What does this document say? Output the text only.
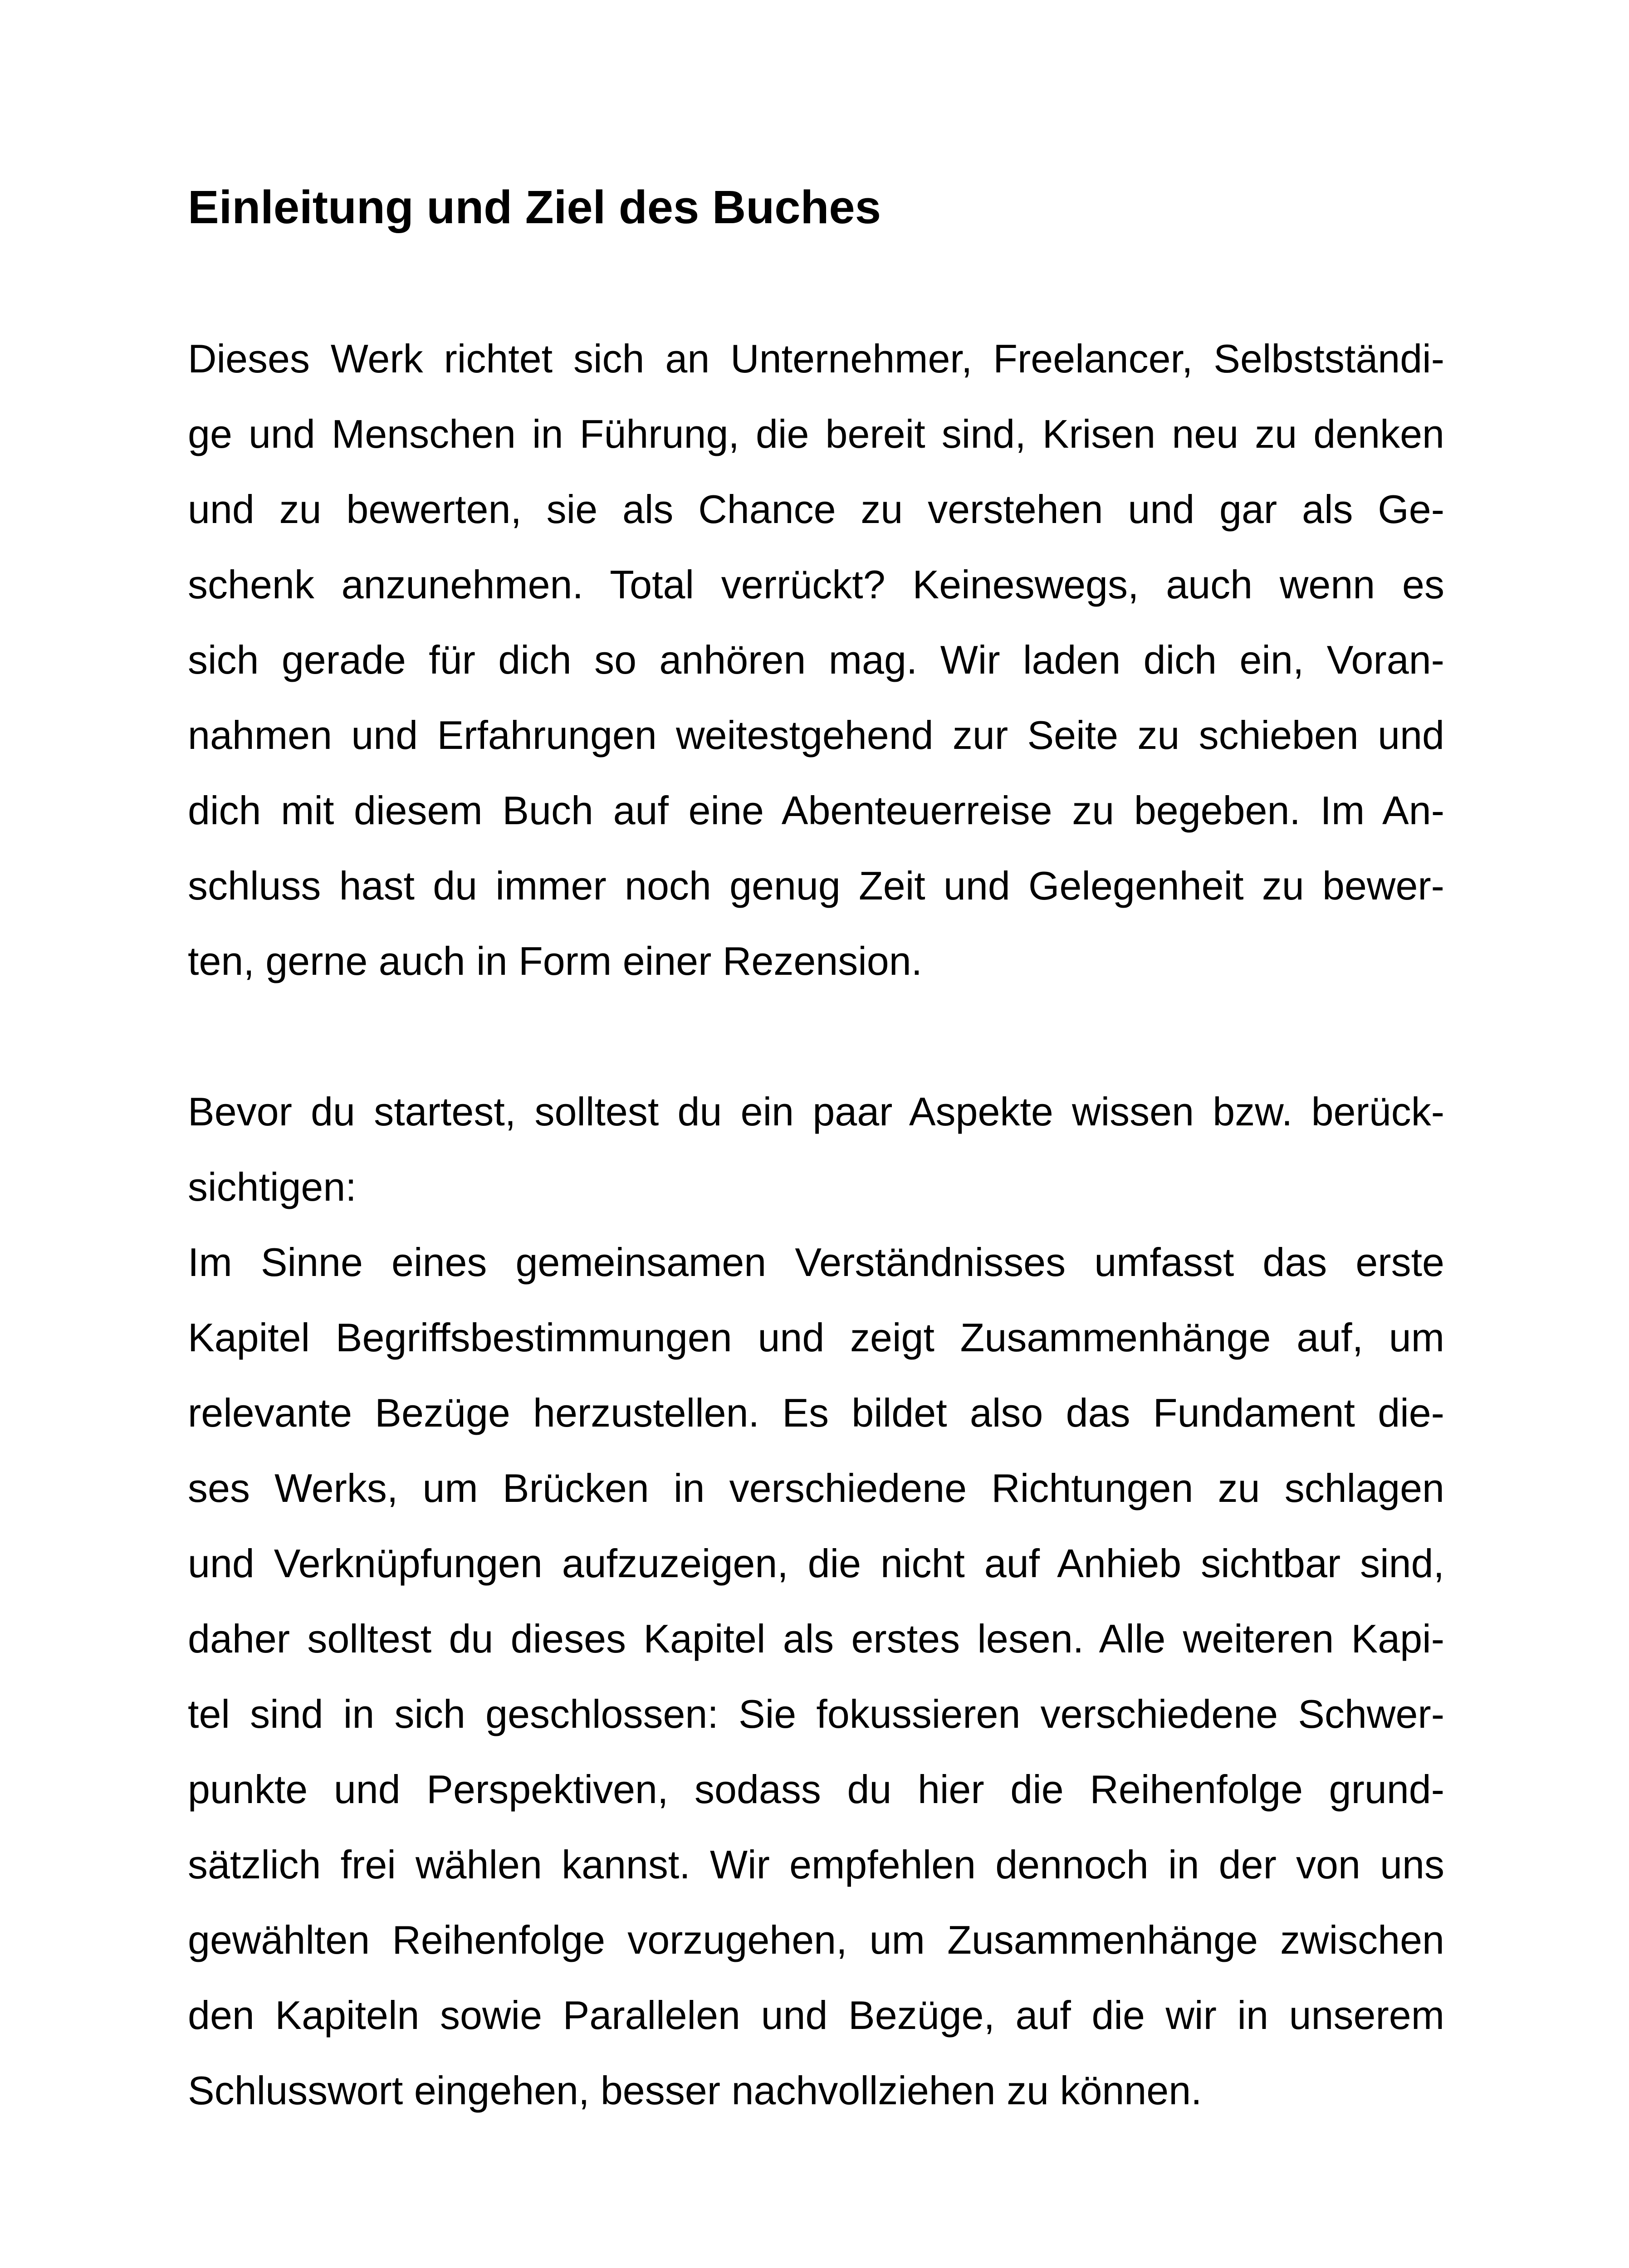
Einleitung und Ziel des Buches
Dieses Werk richtet sich an Unternehmer, Freelancer, Selbstständi-
ge und Menschen in Führung, die bereit sind, Krisen neu zu denken
und zu bewerten, sie als Chance zu verstehen und gar als Ge-
schenk anzunehmen. Total verrückt? Keineswegs, auch wenn es
sich gerade für dich so anhören mag. Wir laden dich ein, Voran-
nahmen und Erfahrungen weitestgehend zur Seite zu schieben und
dich mit diesem Buch auf eine Abenteuerreise zu begeben. Im An-
schluss hast du immer noch genug Zeit und Gelegenheit zu bewer-
ten, gerne auch in Form einer Rezension.
Bevor du startest, solltest du ein paar Aspekte wissen bzw. berück-
sichtigen:
Im Sinne eines gemeinsamen Verständnisses umfasst das erste
Kapitel Begriffsbestimmungen und zeigt Zusammenhänge auf, um
relevante Bezüge herzustellen. Es bildet also das Fundament die-
ses Werks, um Brücken in verschiedene Richtungen zu schlagen
und Verknüpfungen aufzuzeigen, die nicht auf Anhieb sichtbar sind,
daher solltest du dieses Kapitel als erstes lesen. Alle weiteren Kapi-
tel sind in sich geschlossen: Sie fokussieren verschiedene Schwer-
punkte und Perspektiven, sodass du hier die Reihenfolge grund-
sätzlich frei wählen kannst. Wir empfehlen dennoch in der von uns
gewählten Reihenfolge vorzugehen, um Zusammenhänge zwischen
den Kapiteln sowie Parallelen und Bezüge, auf die wir in unserem
Schlusswort eingehen, besser nachvollziehen zu können.
